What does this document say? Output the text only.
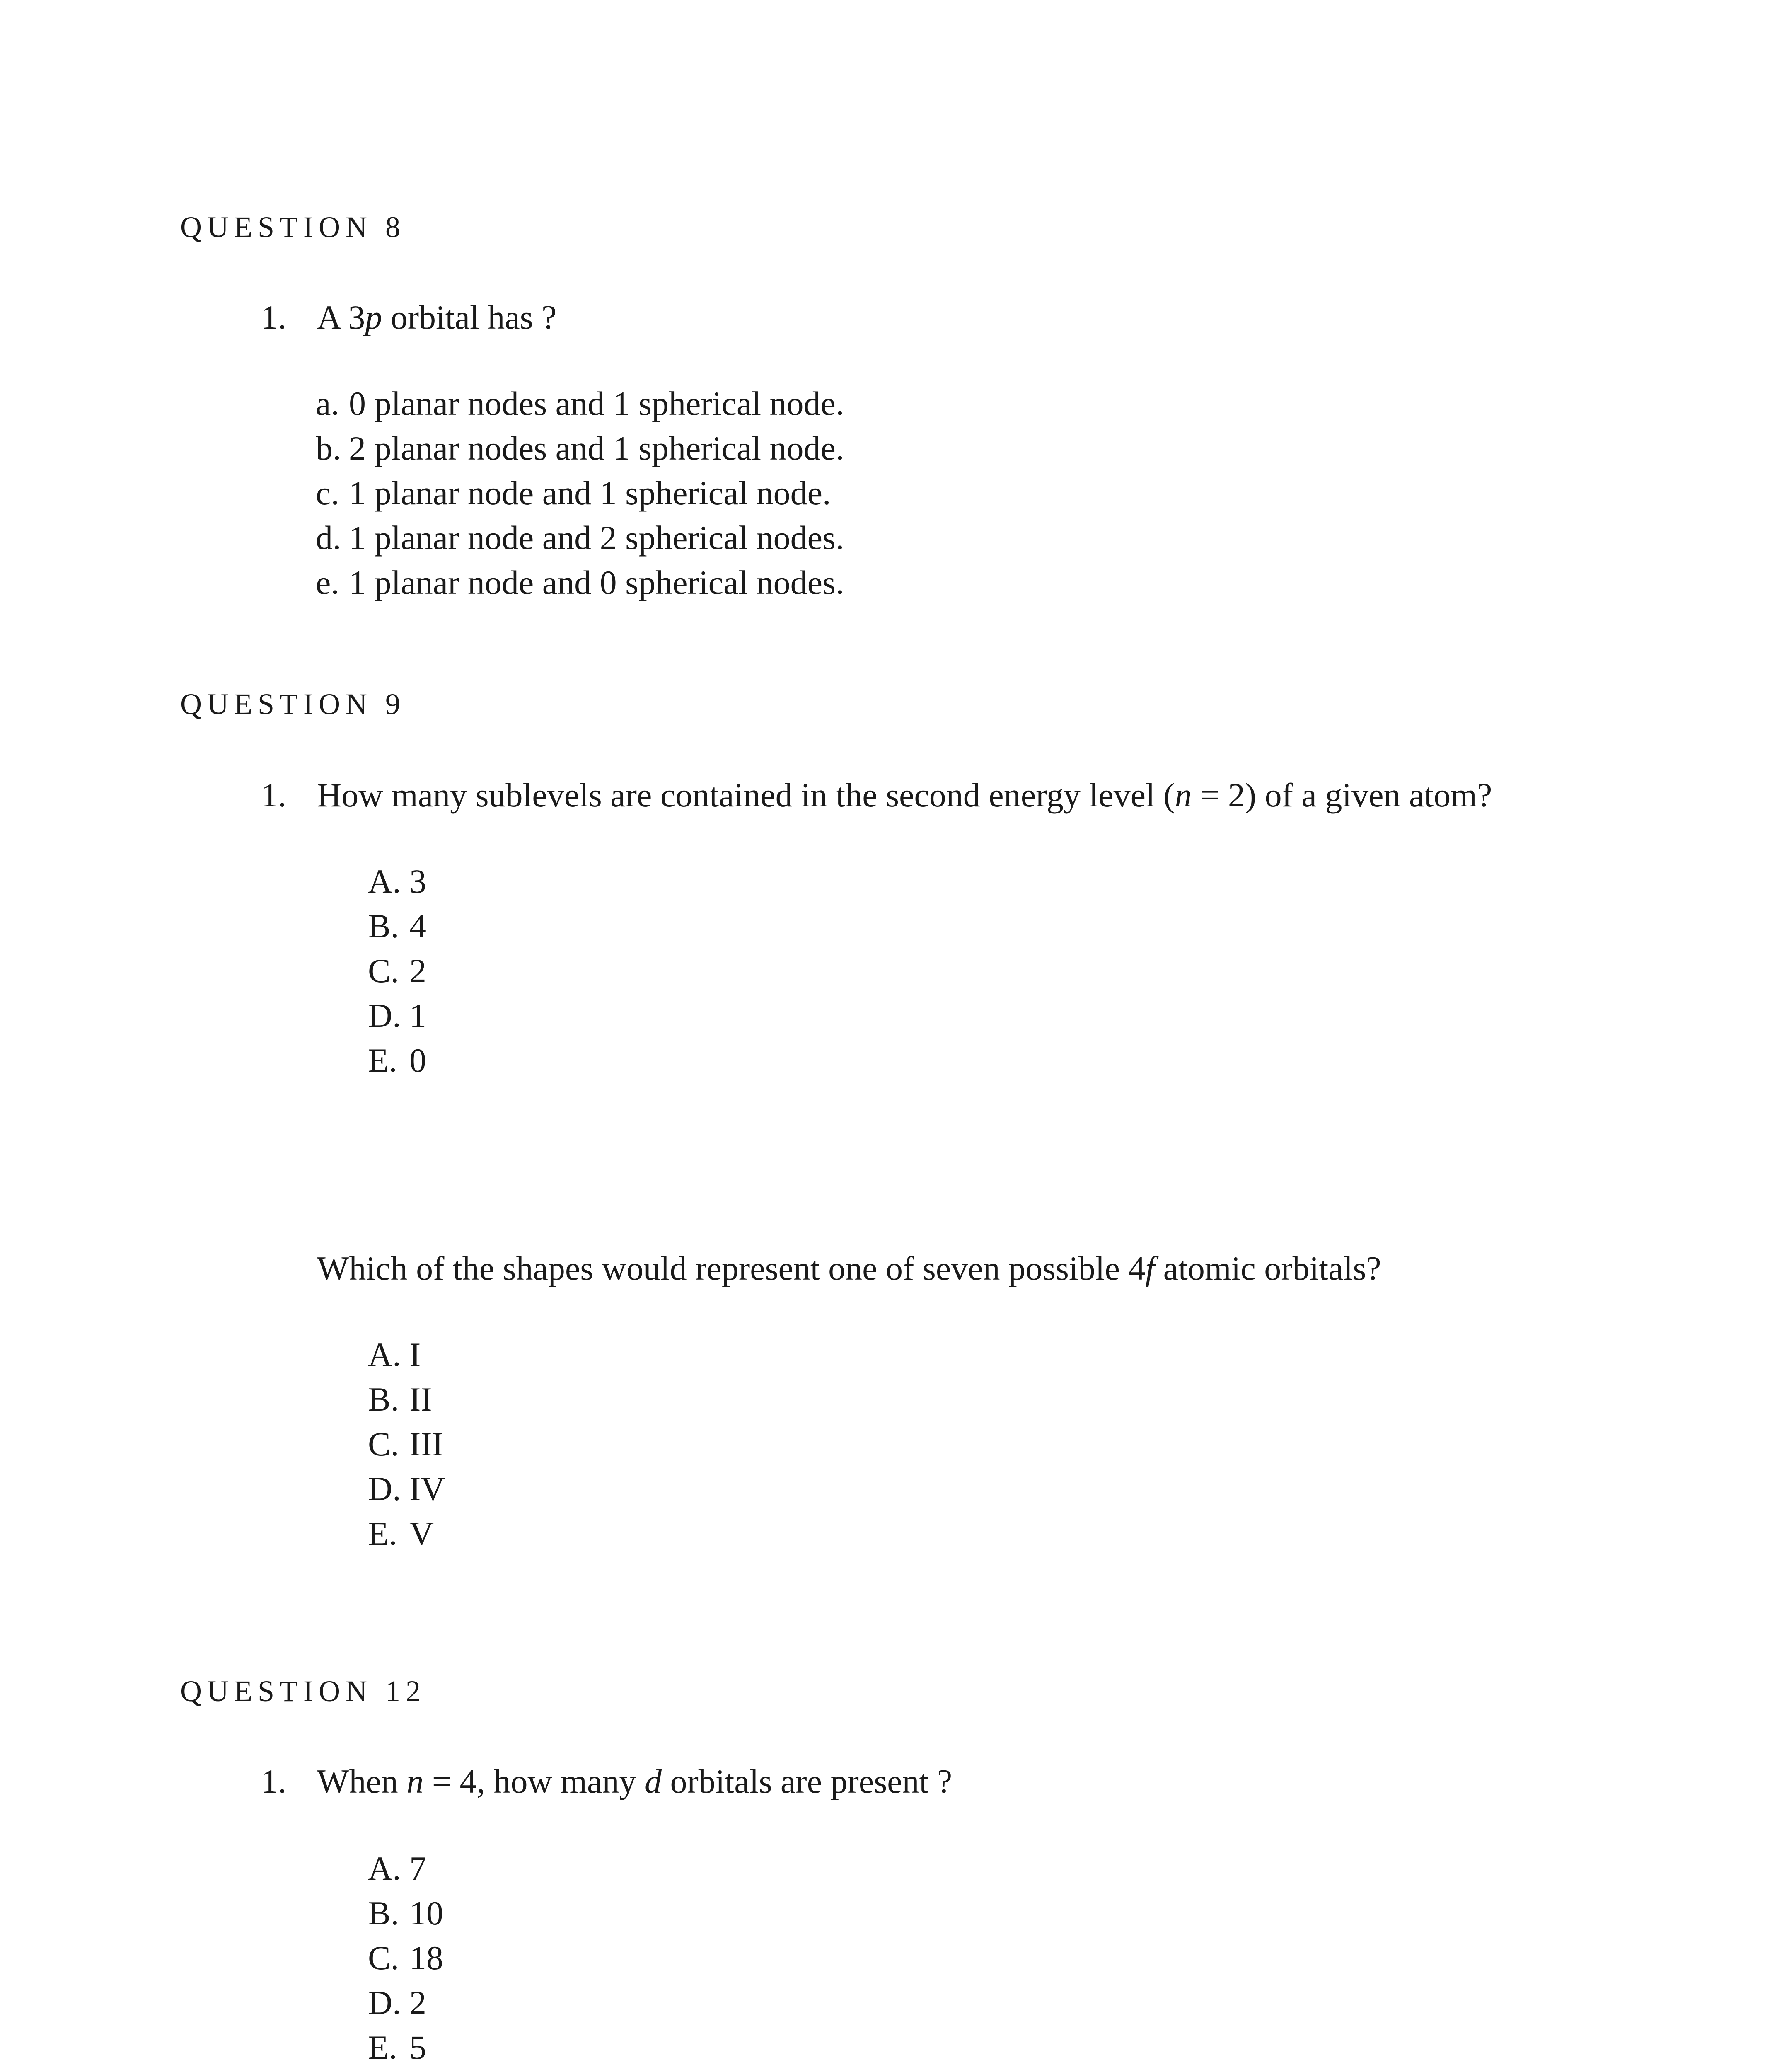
QUESTION 8
1. A 3p orbital has ?
a. 0 planar nodes and 1 spherical node.
b. 2 planar nodes and 1 spherical node.
c. 1 planar node and 1 spherical node.
d. 1 planar node and 2 spherical nodes.
e. 1 planar node and 0 spherical nodes.
QUESTION 9
1. How many sublevels are contained in the second energy level (n = 2) of a given atom?
A. 3
B. 4
C. 2
D. 1
E. 0
Which of the shapes would represent one of seven possible 4f atomic orbitals?
A. I
B. II
C. III
D. IV
E. V
QUESTION 12
1. When n = 4, how many d orbitals are present ?
A. 7
B. 10
C. 18
D. 2
E. 5
